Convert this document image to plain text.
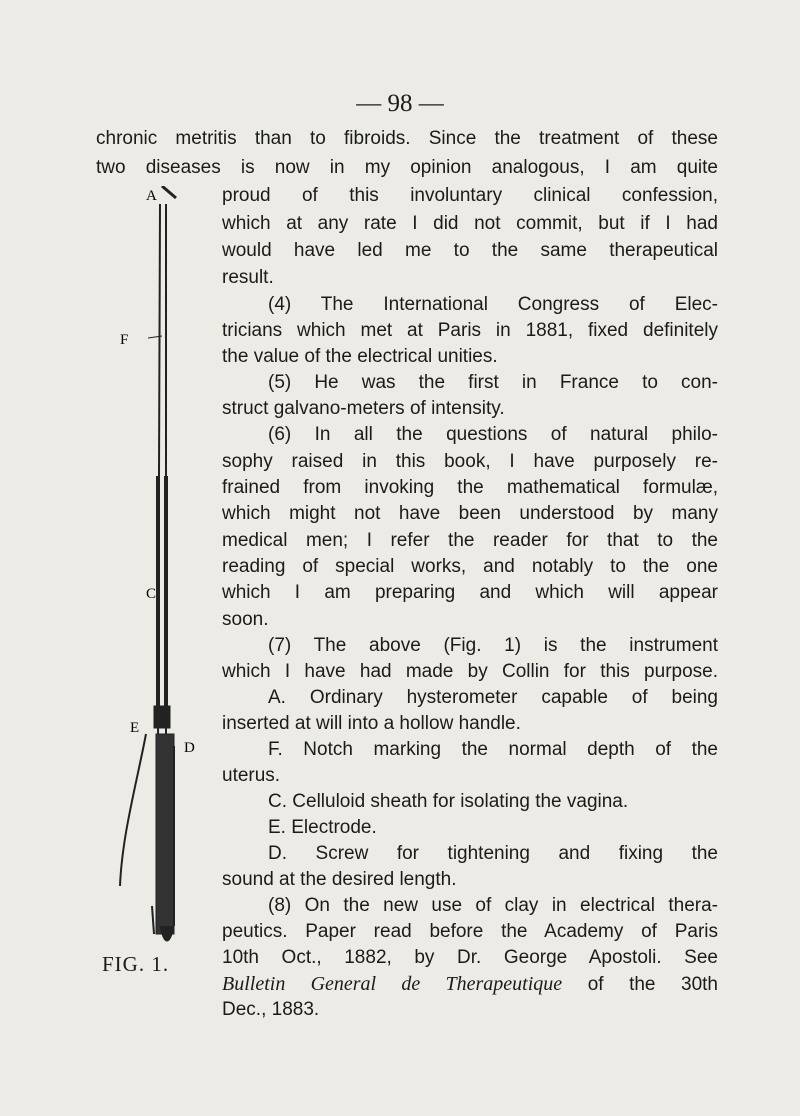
— 98 —
chronic metritis than to fibroids. Since the treatment of these
two diseases is now in my opinion analogous, I am quite
proud of this involuntary clinical confession,
which at any rate I did not commit, but if I had
would have led me to the same therapeutical
result.
(4) The International Congress of Elec-
tricians which met at Paris in 1881, fixed definitely
the value of the electrical unities.
(5) He was the first in France to con-
struct galvano-meters of intensity.
(6) In all the questions of natural philo-
sophy raised in this book, I have purposely re-
frained from invoking the mathematical formulæ,
which might not have been understood by many
medical men; I refer the reader for that to the
reading of special works, and notably to the one
which I am preparing and which will appear
soon.
(7) The above (Fig. 1) is the instrument
which I have had made by Collin for this purpose.
A. Ordinary hysterometer capable of being
inserted at will into a hollow handle.
F. Notch marking the normal depth of the
uterus.
C. Celluloid sheath for isolating the vagina.
E. Electrode.
D. Screw for tightening and fixing the
sound at the desired length.
(8) On the new use of clay in electrical thera-
peutics. Paper read before the Academy of Paris
10th Oct., 1882, by Dr. George Apostoli. See
Bulletin General de Therapeutique of the 30th
Dec., 1883.
A
F
C
E
D
FIG. 1.
